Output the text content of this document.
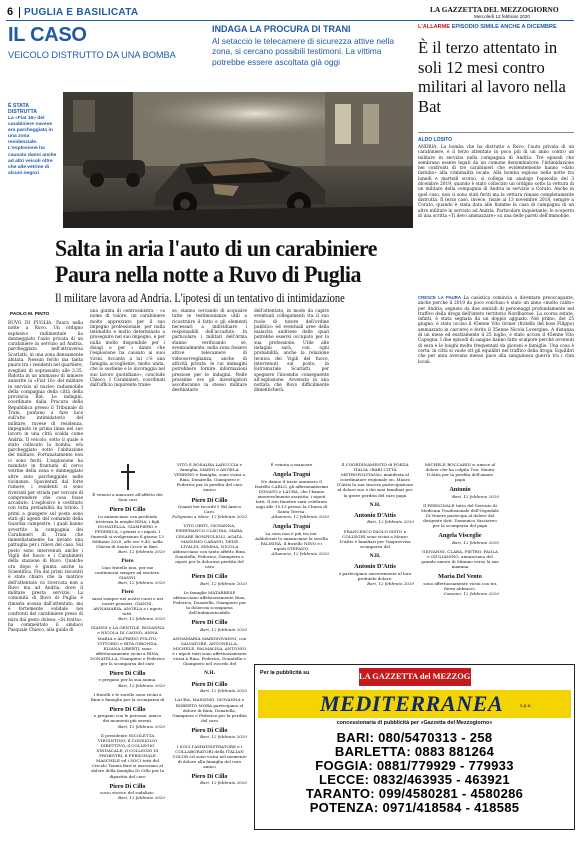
6 PUGLIA E BASILICATA	LA GAZZETTA DEL MEZZOGIORNO
Mercoledì 12 febbraio 2020
IL CASO
VEICOLO DISTRUTTO DA UNA BOMBA
INDAGA LA PROCURA DI TRANI
Al setaccio le telecamere di sicurezza attive nella zona, si cercano possibili testimoni. La vittima potrebbe essere ascoltata già oggi
È STATA DISTRUTTA
La «Fiat 16» del carabiniere navese era parcheggiata in una zona residenziale. L'esplosione ha causato danni anche ad altri veicoli oltre che alle vetrine di alcuni negozi
L'ALLARME EPISODIO SIMILE ANCHE A DICEMBRE
È il terzo attentato in soli 12 mesi contro militari al lavoro nella Bat
ALDO LOSITO
ANDRIA. La bomba che ha distrutto a Ruvo, l'auto privata di un carabiniere, è il terzo attentato in poco più di un anno contro un militare in servizio nella compagnia di Andria. Tre episodi che sembrano essere legati da un comune denominatore: l'intimidazione nei confronti di tre carabinieri che evidentemente hanno «dato fastidio» alla criminalità locale. Alla bomba esplosa nella notte tra lunedì e martedì scorso, si collega un analogo l'episodio del 3 dicembre 2019, quando è stato collocato un ordigno sotto la vettura di un militare della compagnia di Andria in servizio a Corato. Anche in quel caso, non ci sono stati feriti ma la vettura rimase completamente distrutta. Il terzo caso, invece, risale al 13 novembre 2018, sempre a Corato, quando è stata data alle fiamme la casa di campagna di un altro militare in servizio ad Andria. Particolare inquietante, lo scoperto di una scritta «Ti devo ammazzare» su una delle pareti dell'immobile.
CRESCE LA PAURA La casistica comincia a diventare preoccupante, anche perché il 2019 da poco concluso è stato un anno «molto caldo» per Andria, segnato da due omicidi di personaggi profondamente nel traffico della droga dell'intero territorio Nordbarese. La scorsa estate, infatti, è stata segnata da un doppio agguato. Nel primo, del 25 giugno, è stato ucciso il 45enne Vito Griner (fratello del boss Filippo) ammazzato in carcere) e ferito il 35enne Nicola Lovergine. A distanza di un mese ed esattamente il 25 luglio, è stato ucciso il 45enne Vito Capogna. I due episodi di sangue hanno fatto scalpore perché avvenuti di sera e le luoghi molto frequentati da giovani e famiglie. Una cosa è certa: in città si vuole ott gli equilibri nel traffico della droga. Equilibri che per anni avevano messo pace alla sanguinosa guerra tra i clan locali.
Salta in aria l'auto di un carabiniere
Paura nella notte a Ruvo di Puglia
Il militare lavora ad Andria. L'ipotesi di un tentativo di intimidazione
PAOLO M. PINTO
RUVO DI PUGLIA. Paura nella notte a Ruvo. Un ordigno esplosivo rudimentale ha danneggiato l'auto privata di un carabiniere in servizio ad Andria, parcheggiata nell'attraversa Scarlatti, in una zona densamente abitata. Nessun ferito ma tanta paura tra i residenti nel quartiere, svegliati di soprassalto alle 2.35. Ridotta in un ammasso di lamiere annerite la «Fiat 16» del militare in servizio al nucleo radiomobile della compagnia della città della provincia Bat. Le indagini, coordinate dalla Procura della Repubblica presso il Tribunale di Trani, puntano a fare luce sull'atto intimidatorio del militare, ruvese di residenza, impegnato in prima linea nel suo lavoro in una città scalda come Andria. Il veicolo, sotto il quale è stato collocato la bomba, era parcheggiato sotto l'abitazione del militare. Fortunatamente non ci sono feriti. L'esplosione ha mandato in frantumi di cerco vetrine della zona e danneggiato altre auto parcheggiate nelle vicinanze. Spaventati dal forte rumore, i residenti si sono riversati per strada per cercare di comprendere che cosa fosse accaduto. L'esplosivo è costituito con tutta probabilità da tritolo. I primi a giungere sul posto sono stati gli agenti del comando della Guardia campestre, i quali hanno avvertito la compagnia dei Carabinieri di Trani che immediatamente ha inviato una pattuglia per i rilievi del caso. Sul posto sono intervenuti anche i Vigili del fuoco e i Carabinieri della stazione di Ruvo. Qualche ora dopo è giunta anche la Scientifica. Fin dai primi riscontri è stato chiaro che la matrice dell'attentato va ricercata non a Ruvo ma ad Andria, dove il militare presta servizio. La comunità di Ruvo di Puglia è rimasta scossa dall'attentato, ma è fortemente solidale nei confronti del carabiniere preso di mira dai gesto doloso: «Si tratta», ha commentato il sindaco Pasquale Chieco, alla guida di
una giunta di centrosinistra - «a nome di valore, un carabiniere molto apprezzato per il suo impegno professionale, per nulla intimidito e molto determinato a proseguire nel suo impegno, e per nulla molto disponibile per i disagi e per i danni che l'esplosione ha causato ai suoi vicini. Accanto a lui c'è una famiglia accogliente, molto unita, che lo sostiene e lo incoraggia nel suo lavoro quotidiano», conclude Chieco. I Carabinieri, coordinati dall'ufficio inquirente trane-
se, stanno cercando di acquisire tutte le testimonianze utili a ricostruire il fatto e gli elementi necessari a individuare i responsabili dell'accaduto. In particolare, i militari dell'Arma stanno verificando se, eventualmente, nella zona fossero attive telecamere di videosorveglianza, anche di attività private, le cui immagini potrebbero fornire informazioni preziose per le indagini. Nelle prossime ore gli investigatori ascolteranno la stesso militare destinatario
dell'attentato, in modo da capire eventuali collegamenti tra il suo ruolo di tutore dell'ordine pubblico ed eventuali aree della malavita andriese delle quali potrebbe essersi occupato per la sua professione. Utile alle indagini sarà, con ogni probabilità, anche la relazione tecnica dei Vigili del fuoco, intervenuti sul posto, in Estramurale Scarlatti, per spegnere l'incendio conseguente all'esplosione. Avvenuta in una nottata che Ruvo difficilmente dimenticherà.
È venuto a mancare all'affetto dei Suoi cari
Piero Di Cillo
Lo annunciano con profondo tristezza la moglie RINA, i figli DONATELLA, GIAMPIERO e FEDERICA, i generi e i nipoti. I funerali si svolgeranno il giorno 13 febbraio 2020, alle ore 9.45, nella Chiesa di Santa Croce in Bari.
Bari, 12 febbraio 2020
Piero
Ciao fratello mio, per me continuerai sempre ad esistere. GIANNI.
Bari, 12 febbraio 2020
Piero
sarai sempre nei nostri cuori e nei nostri pensieri. GIANNI, ANNAMARIA, ANGELA e i nipoti tutti.
Bari, 12 febbraio 2020
GIANNI e LA GENTILE, ROSANNA e NICOLA DI CAGNO, ANNA MARIA e ALFREDO POLITO, VITTORIO e RITA GIRONDA, ELIANA LIBERTI, sono affettuosamente vicini a RINA, DONATELLA, Giampiero e Federica per la scomparsa del caro
Piero Di Cillo
e pregano per la sua anima.
Bari, 12 febbraio 2020
I fratelli e le sorelle sono vicini a Rina e famiglia per la scomparsa di
Piero Di Cillo
e pregano con le persone, amico dei momenti più sereni.
Bari, 12 febbraio 2020
Il presidente NICOLETTA VIRGINTINO, il CONSIGLIO DIRETTIVO, il COLLEGIO SINDACALE, il COLLEGIO DI PROBIVIRI, il PERSONALE MASCHILE ed i SOCI tutti del Circolo Tennis Bari si associano al dolore della famiglia Di Cillo per la dipartita del caro
Piero Di Cillo
socio storico del sodalizio.
Bari, 12 febbraio 2020
VITO E ROSALBA LARUCCIA e famiglia, MARIO e ANGELA VERRINO e famiglia, sono vicini a Rina, Donatella, Giampiero e Federica per la perdita del caro amico
Piero Di Cillo
Quanti bei ricordi!!! Rif Amico Caro.
Polignano a Mare, 12 febbraio 2020
VITO GRITI, GIOVANNA, PIERFRANCO CLAUDIA, MARA, CESARE BONFIGLIOLI, AGATA, MASSIMO CARANO, DEDÉ LIVALDI, MIMMA, NICOLA abbracciano con tanto affetto Rina, Donatella, Federica, Giampiero e nipoti per la dolorosa perdita del caro
Piero Di Cillo
Bari, 12 febbraio 2020
Le famiglie MATARRESE abbracciano affettuosamente Rina, Federica, Donatella, Giampiero per la dolorosa scomparsa dell'indimenticabile
Piero Di Cillo
Bari, 12 febbraio 2020
ANNAMARIA MARIGIOVANNI, con SALVATORE, ANTONELLA, MICHELE, PALMALISA, ANTONIO e i nipoti tutti sono affettuosamente vicini a Rina, Federica, Donatella e Giampiero nel ricordo del
N.H.
Piero Di Cillo
Bari, 12 febbraio 2020
LAURA, MASSIMO, GIOVANNA e ROBERTO MORA partecipano al dolore di Rina, Donatella, Giampiero e Federica per la perdita del caro
Piero Di Cillo
Bari, 12 febbraio 2020
I SOCI l'AMMINISTRATORE e i COLLABORATORI della ITALIAN COLOR srl sono vicini nel momento di dolore alla famiglia del caro amico
Piero Di Cillo
Bari, 12 febbraio 2020
È venuta a mancare
Angela Tragni
Ne danno il triste annuncio il fratello CARLO, gli affezionatissimi DONATO e LAURA, che l'hanno amorevolmente assistita, i nipoti tutti. Il rito funebre sarà celebrato oggi alle 15.15 presso la Chiesa di Santa Teresa.
Altamura, 12 febbraio 2020
Angela Tragni
La cara non è più tra noi. Addolorati lo annunciano la sorella PALMINA, il fratello NINO e i nipoti STEFANO.
Altamura, 12 febbraio 2020
Il COORDINAMENTO di FORZA ITALIA «BARI CITTÀ METROPOLITANA» manifesta al coordinatore regionale on. Mauro D'Attis la sua sincera partecipazione al dolore suo e dei suoi familiari per la grave perdita del caro papà
N.H.
Antonio D'Attis
Bari, 12 febbraio 2020
FRANCESCO PAOLO SISTO e COLLEGHI sono vicini a Mauro D'Attis e familiari per l'improvvisa scomparsa del
N.H.
Antonio D'Attis
e partecipano sinceramente al loro profondo dolore.
Bari, 12 febbraio 2020
MICHELE BOCCARDI si unisce al dolore che ha colpito l'on. Mauro D'Attis per la perdita dell'amato papà
Antonio
Bari, 12 febbraio 2020
Il PERSONALE tutto del Servizio di Medicina Trasfusionale dell'Ospedale Di Venere partecipa al dolore del dirigente dott. Domenico Vasciaveo per la scomparsa del papà
Angela Visceglie
Bari, 12 febbraio 2020
GIOVANNI, CLARA, PIETRO, PAOLA e GIULIANINO, annunciano del grande amore di Mimmo verso la sua mamma
Maria Del Vento
sono affettuosamente vicini con tra fierni abbracci.
Cassano, 12 febbraio 2020
Per la pubblicità su	LA GAZZETTA del MEZZOGIORNO
MEDITERRANEA	s.p.a.
concessionaria di pubblicità per «Gazzetta del Mezzogiorno»
BARI: 080/5470313 - 258
BARLETTA: 0883 881264
FOGGIA: 0881/779929 - 779933
LECCE: 0832/463935 - 463921
TARANTO: 099/4580281 - 4580286
POTENZA: 0971/418584 - 418585
